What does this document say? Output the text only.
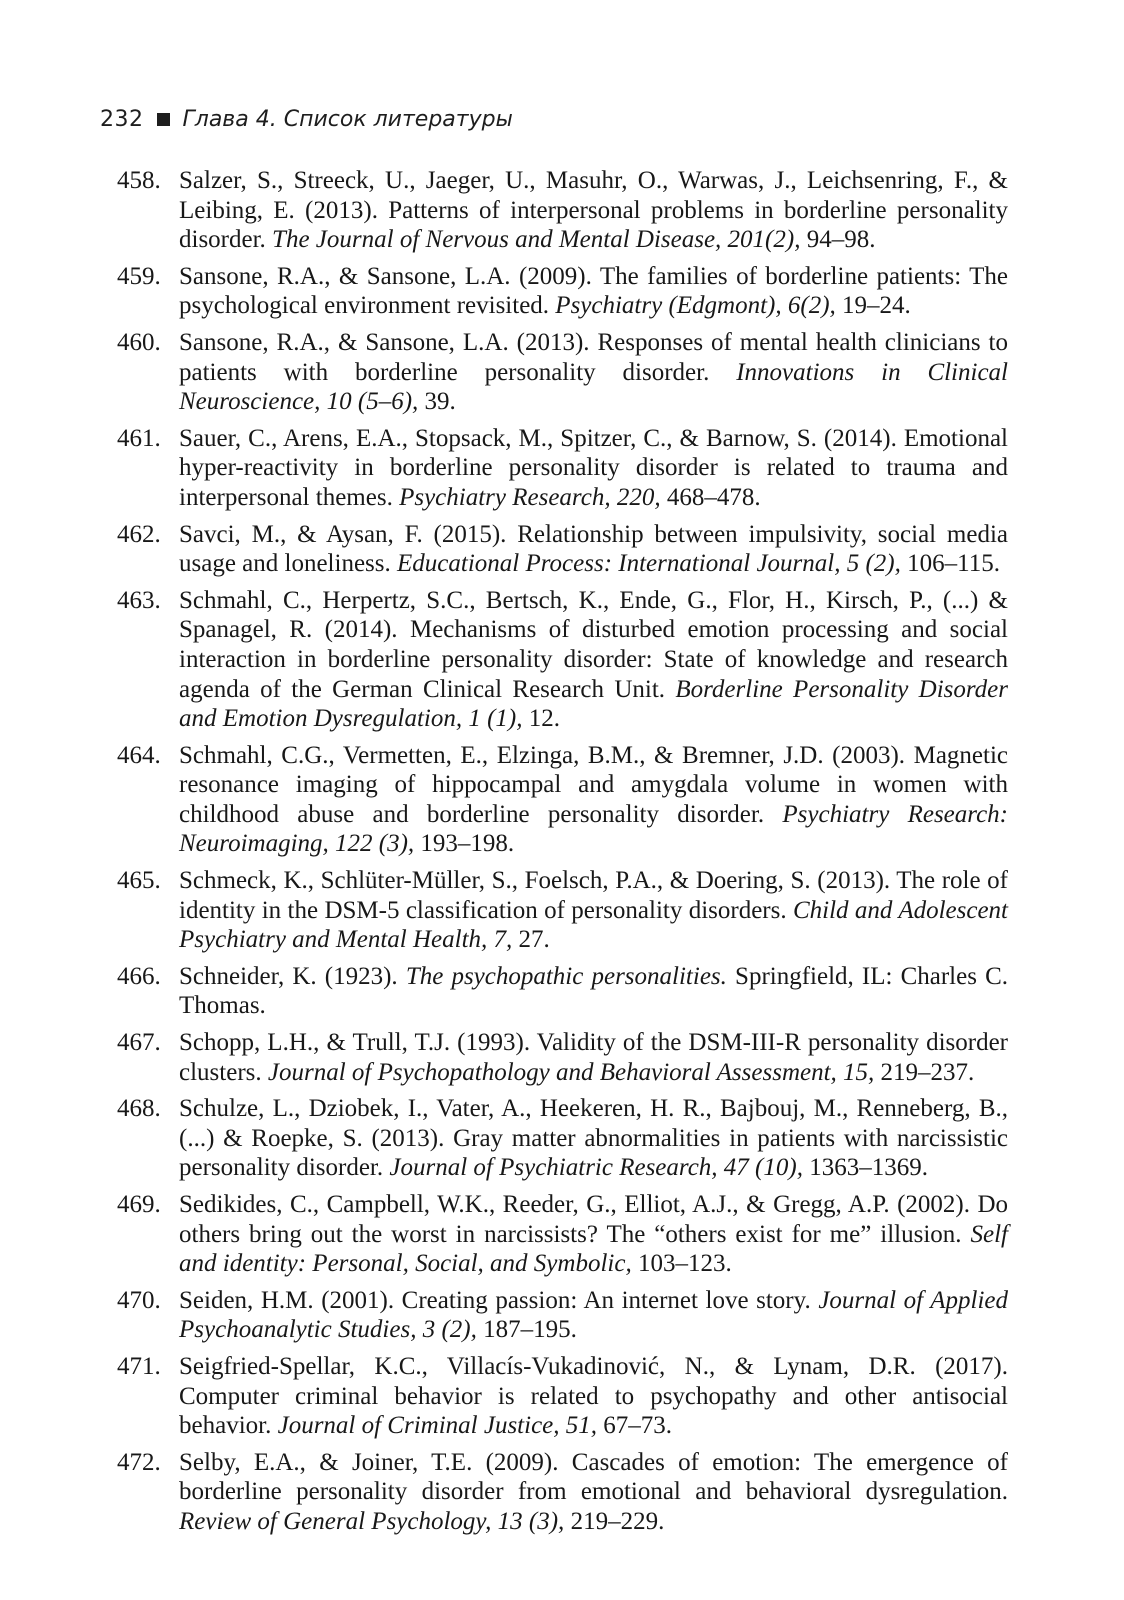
232 Глава 4. Список литературы
458. Salzer, S., Streeck, U., Jaeger, U., Masuhr, O., Warwas, J., Leichsenring, F., & Leibing, E. (2013). Patterns of interpersonal problems in borderline personality disorder. The Journal of Nervous and Mental Disease, 201(2), 94–98.
459. Sansone, R.A., & Sansone, L.A. (2009). The families of borderline patients: The psychological environment revisited. Psychiatry (Edgmont), 6(2), 19–24.
460. Sansone, R.A., & Sansone, L.A. (2013). Responses of mental health clinicians to patients with borderline personality disorder. Innovations in Clinical Neuroscience, 10 (5–6), 39.
461. Sauer, C., Arens, E.A., Stopsack, M., Spitzer, C., & Barnow, S. (2014). Emotional hyper-reactivity in borderline personality disorder is related to trauma and interpersonal themes. Psychiatry Research, 220, 468–478.
462. Savci, M., & Aysan, F. (2015). Relationship between impulsivity, social media usage and loneliness. Educational Process: International Journal, 5 (2), 106–115.
463. Schmahl, C., Herpertz, S.C., Bertsch, K., Ende, G., Flor, H., Kirsch, P., (...) & Spanagel, R. (2014). Mechanisms of disturbed emotion processing and social interaction in borderline personality disorder: State of knowledge and research agenda of the German Clinical Research Unit. Borderline Personality Disorder and Emotion Dysregulation, 1 (1), 12.
464. Schmahl, C.G., Vermetten, E., Elzinga, B.M., & Bremner, J.D. (2003). Magnetic resonance imaging of hippocampal and amygdala volume in women with childhood abuse and borderline personality disorder. Psychiatry Research: Neuroimaging, 122 (3), 193–198.
465. Schmeck, K., Schlüter-Müller, S., Foelsch, P.A., & Doering, S. (2013). The role of identity in the DSM-5 classification of personality disorders. Child and Adolescent Psychiatry and Mental Health, 7, 27.
466. Schneider, K. (1923). The psychopathic personalities. Springfield, IL: Charles C. Thomas.
467. Schopp, L.H., & Trull, T.J. (1993). Validity of the DSM-III-R personality disorder clusters. Journal of Psychopathology and Behavioral Assessment, 15, 219–237.
468. Schulze, L., Dziobek, I., Vater, A., Heekeren, H. R., Bajbouj, M., Renneberg, B., (...) & Roepke, S. (2013). Gray matter abnormalities in patients with narcissistic personality disorder. Journal of Psychiatric Research, 47 (10), 1363–1369.
469. Sedikides, C., Campbell, W.K., Reeder, G., Elliot, A.J., & Gregg, A.P. (2002). Do others bring out the worst in narcissists? The “others exist for me” illusion. Self and identity: Personal, Social, and Symbolic, 103–123.
470. Seiden, H.M. (2001). Creating passion: An internet love story. Journal of Applied Psychoanalytic Studies, 3 (2), 187–195.
471. Seigfried-Spellar, K.C., Villacís-Vukadinović, N., & Lynam, D.R. (2017). Computer criminal behavior is related to psychopathy and other antisocial behavior. Journal of Criminal Justice, 51, 67–73.
472. Selby, E.A., & Joiner, T.E. (2009). Cascades of emotion: The emergence of borderline personality disorder from emotional and behavioral dysregulation. Review of General Psychology, 13 (3), 219–229.
